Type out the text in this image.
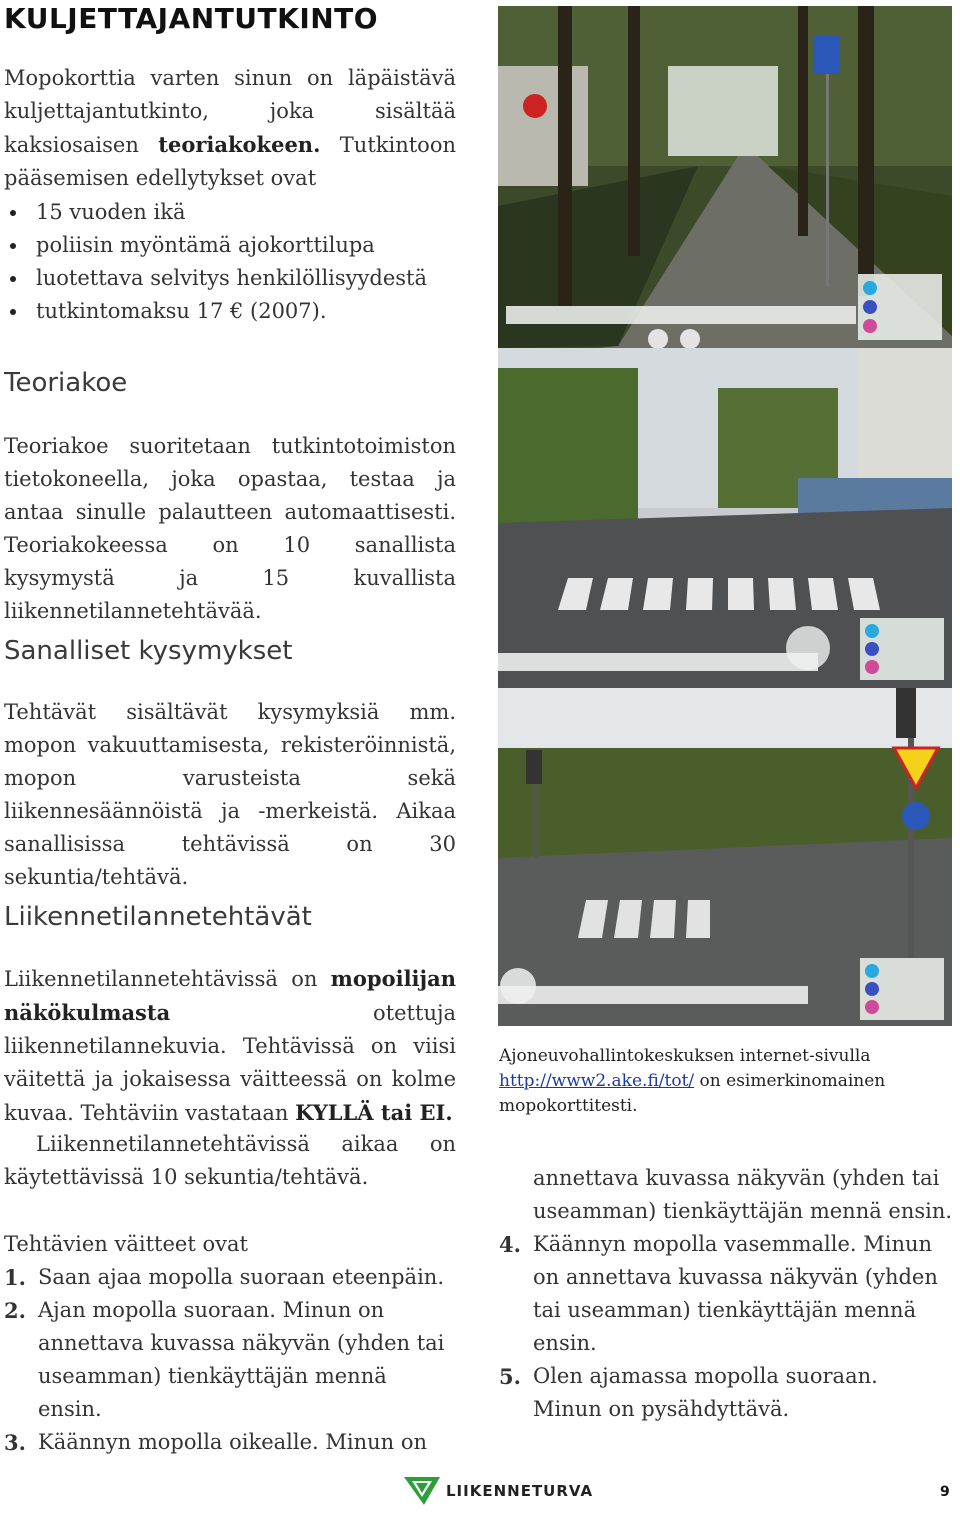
KULJETTAJANTUTKINTO
Mopokorttia varten sinun on läpäistävä kuljettajantutkinto, joka sisältää kaksiosaisen teoriakokeen. Tutkintoon pääsemisen edellytykset ovat
15 vuoden ikä
poliisin myöntämä ajokorttilupa
luotettava selvitys henkilöllisyydestä
tutkintomaksu 17 € (2007).
Teoriakoe
Teoriakoe suoritetaan tutkintotoimiston tietokoneella, joka opastaa, testaa ja antaa sinulle palautteen automaattisesti. Teoriakokeessa on 10 sanallista kysymystä ja 15 kuvallista liikennetilannetehtävää.
Sanalliset kysymykset
Tehtävät sisältävät kysymyksiä mm. mopon vakuuttamisesta, rekisteröinnistä, mopon varusteista sekä liikennesäännöistä ja -merkeistä. Aikaa sanallisissa tehtävissä on 30 sekuntia/tehtävä.
Liikennetilannetehtävät
Liikennetilannetehtävissä on mopoilijan näkökulmasta otettuja liikennetilannekuvia. Tehtävissä on viisi väitettä ja jokaisessa väitteessä on kolme kuvaa. Tehtäviin vastataan KYLLÄ tai EI.
Liikennetilannetehtävissä aikaa on käytettävissä 10 sekuntia/tehtävä.
Tehtävien väitteet ovat
1. Saan ajaa mopolla suoraan eteenpäin.
2. Ajan mopolla suoraan. Minun on annettava kuvassa näkyvän (yhden tai useamman) tienkäyttäjän mennä ensin.
3. Käännyn mopolla oikealle. Minun on
annettava kuvassa näkyvän (yhden tai useamman) tienkäyttäjän mennä ensin.
4. Käännyn mopolla vasemmalle. Minun on annettava kuvassa näkyvän (yhden tai useamman) tienkäyttäjän mennä ensin.
5. Olen ajamassa mopolla suoraan. Minun on pysähdyttävä.
Ajoneuvohallintokeskuksen internet-sivulla http://www2.ake.fi/tot/ on esimerkinomainen mopokorttitesti.
LIIKENNETURVA	9
